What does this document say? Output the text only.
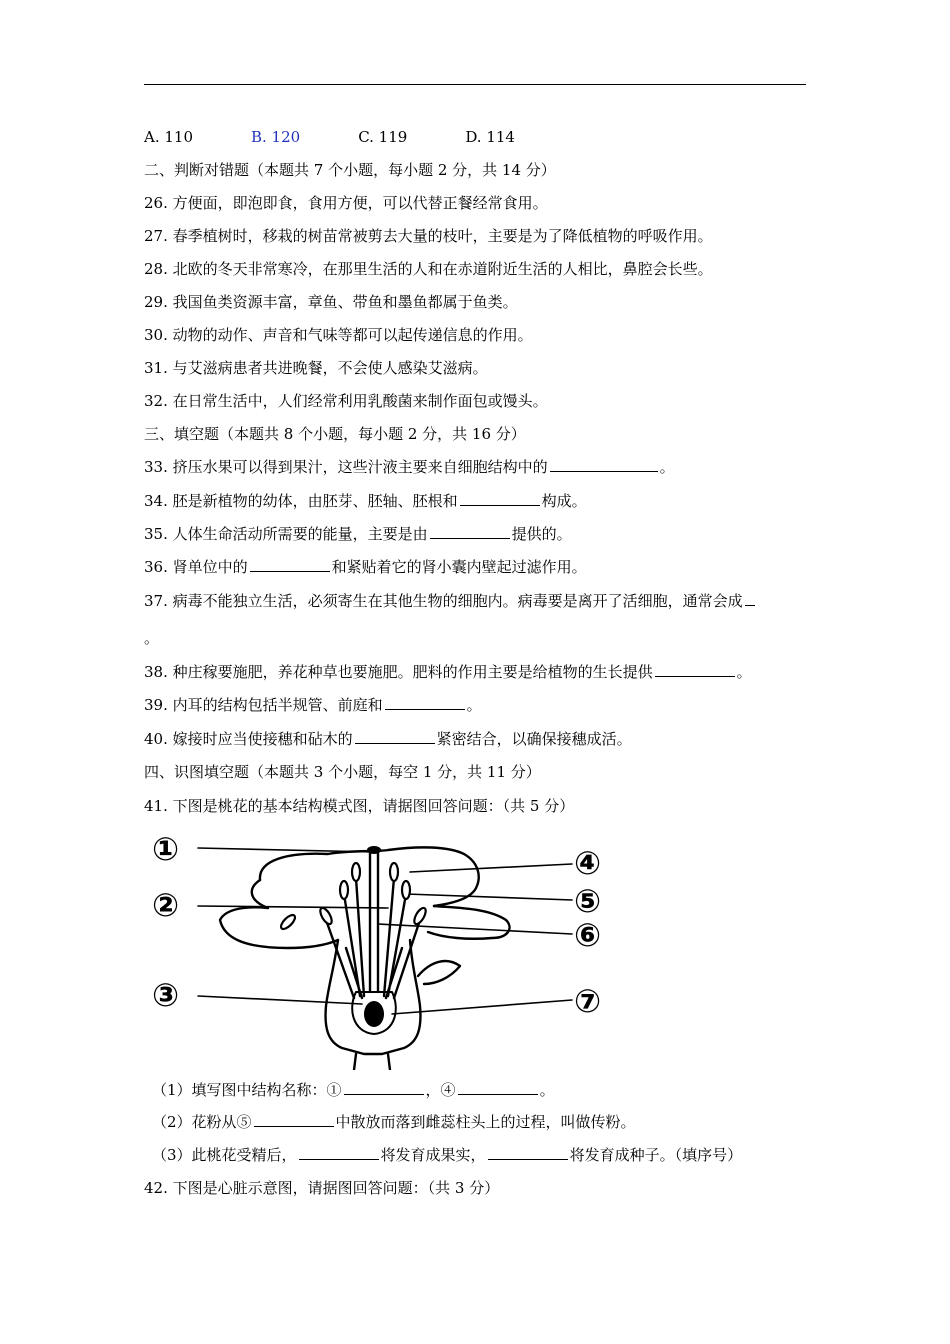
A. 110	B. 120	C. 119	D. 114
二、判断对错题（本题共 7 个小题，每小题 2 分，共 14 分）
26. 方便面，即泡即食，食用方便，可以代替正餐经常食用。
27. 春季植树时，移栽的树苗常被剪去大量的枝叶，主要是为了降低植物的呼吸作用。
28. 北欧的冬天非常寒冷，在那里生活的人和在赤道附近生活的人相比，鼻腔会长些。
29. 我国鱼类资源丰富，章鱼、带鱼和墨鱼都属于鱼类。
30. 动物的动作、声音和气味等都可以起传递信息的作用。
31. 与艾滋病患者共进晚餐，不会使人感染艾滋病。
32. 在日常生活中，人们经常利用乳酸菌来制作面包或馒头。
三、填空题（本题共 8 个小题，每小题 2 分，共 16 分）
33. 挤压水果可以得到果汁，这些汁液主要来自细胞结构中的	。
34. 胚是新植物的幼体，由胚芽、胚轴、胚根和	构成。
35. 人体生命活动所需要的能量，主要是由	提供的。
36. 肾单位中的	和紧贴着它的肾小囊内壁起过滤作用。
37. 病毒不能独立生活，必须寄生在其他生物的细胞内。病毒要是离开了活细胞，通常会成
。
38. 种庄稼要施肥，养花种草也要施肥。肥料的作用主要是给植物的生长提供	。
39. 内耳的结构包括半规管、前庭和	。
40. 嫁接时应当使接穗和砧木的	紧密结合，以确保接穗成活。
四、识图填空题（本题共 3 个小题，每空 1 分，共 11 分）
41. 下图是桃花的基本结构模式图，请据图回答问题：（共 5 分）
①
②
③
④
⑤
⑥
⑦
（1）填写图中结构名称：①	，④	。
（2）花粉从⑤	中散放而落到雌蕊柱头上的过程，叫做传粉。
（3）此桃花受精后，	将发育成果实，	将发育成种子。（填序号）
42. 下图是心脏示意图，请据图回答问题：（共 3 分）
